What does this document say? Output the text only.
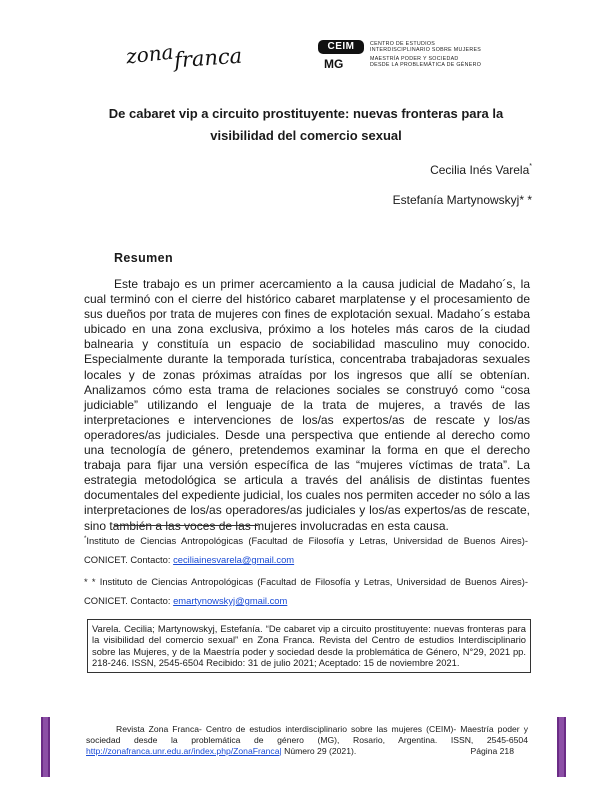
zona
franca	CEIM
MG
CENTRO DE ESTUDIOS
INTERDISCIPLINARIO SOBRE MUJERES
MAESTRÍA PODER Y SOCIEDAD
DESDE LA PROBLEMÁTICA DE GÉNERO
De cabaret vip a circuito prostituyente: nuevas fronteras para la
visibilidad del comercio sexual
Cecilia Inés Varela*
Estefanía Martynowskyj* *
Resumen

Este trabajo es un primer acercamiento a la causa judicial de Madaho´s, la cual terminó con el cierre del histórico cabaret marplatense y el procesamiento de sus dueños por trata de mujeres con fines de explotación sexual. Madaho´s estaba ubicado en una zona exclusiva, próximo a los hoteles más caros de la ciudad balnearia y constituía un espacio de sociabilidad masculino muy conocido. Especialmente durante la temporada turística, concentraba trabajadoras sexuales locales y de zonas próximas atraídas por los ingresos que allí se obtenían. Analizamos cómo esta trama de relaciones sociales se construyó como “cosa judiciable” utilizando el lenguaje de la trata de mujeres, a través de las interpretaciones e intervenciones de los/as expertos/as de rescate y los/as operadores/as judiciales. Desde una perspectiva que entiende al derecho como una tecnología de género, pretendemos examinar la forma en que el derecho trabaja para fijar una versión específica de las “mujeres víctimas de trata”. La estrategia metodológica se articula a través del análisis de distintas fuentes documentales del expediente judicial, los cuales nos permiten acceder no sólo a las interpretaciones de los/as operadores/as judiciales y los/as expertos/as de rescate, sino también a las voces de las mujeres involucradas en esta causa.

*Instituto de Ciencias Antropológicas (Facultad de Filosofía y Letras, Universidad de Buenos Aires)- CONICET. Contacto: ceciliainesvarela@gmail.com

* * Instituto de Ciencias Antropológicas (Facultad de Filosofía y Letras, Universidad de Buenos Aires)- CONICET. Contacto: emartynowskyj@gmail.com

Varela. Cecilia; Martynowskyj, Estefanía. “De cabaret vip a circuito prostituyente: nuevas fronteras para la visibilidad del comercio sexual” en Zona Franca. Revista del Centro de estudios Interdisciplinario sobre las Mujeres, y de la Maestría poder y sociedad desde la problemática de Género, N°29, 2021 pp. 218-246. ISSN, 2545-6504 Recibido: 31 de julio 2021; Aceptado: 15 de noviembre 2021.
Revista Zona Franca- Centro de estudios interdisciplinario sobre las mujeres (CEIM)- Maestría poder y sociedad desde la problemática de género (MG), Rosario, Argentina. ISSN, 2545-6504 http://zonafranca.unr.edu.ar/index.php/ZonaFranca| Número 29 (2021).	Página 218
